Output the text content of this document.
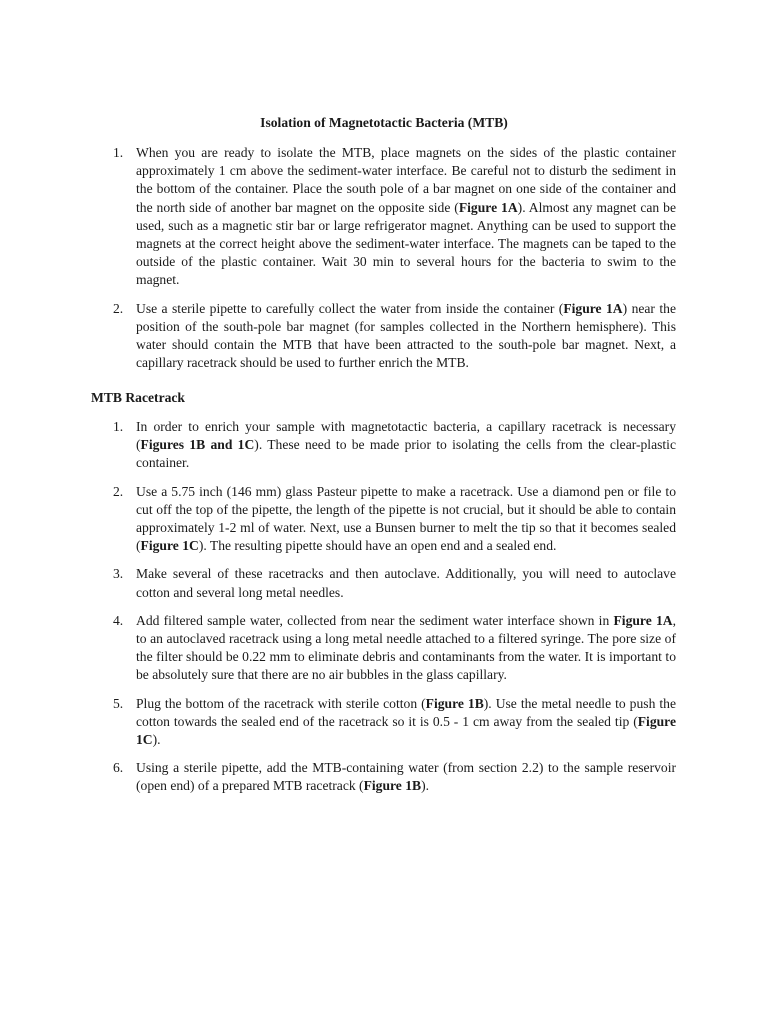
Isolation of Magnetotactic Bacteria (MTB)
1. When you are ready to isolate the MTB, place magnets on the sides of the plastic container approximately 1 cm above the sediment-water interface. Be careful not to disturb the sediment in the bottom of the container. Place the south pole of a bar magnet on one side of the container and the north side of another bar magnet on the opposite side (Figure 1A). Almost any magnet can be used, such as a magnetic stir bar or large refrigerator magnet. Anything can be used to support the magnets at the correct height above the sediment-water interface. The magnets can be taped to the outside of the plastic container. Wait 30 min to several hours for the bacteria to swim to the magnet.
2. Use a sterile pipette to carefully collect the water from inside the container (Figure 1A) near the position of the south-pole bar magnet (for samples collected in the Northern hemisphere). This water should contain the MTB that have been attracted to the south-pole bar magnet. Next, a capillary racetrack should be used to further enrich the MTB.
MTB Racetrack
1. In order to enrich your sample with magnetotactic bacteria, a capillary racetrack is necessary (Figures 1B and 1C). These need to be made prior to isolating the cells from the clear-plastic container.
2. Use a 5.75 inch (146 mm) glass Pasteur pipette to make a racetrack. Use a diamond pen or file to cut off the top of the pipette, the length of the pipette is not crucial, but it should be able to contain approximately 1-2 ml of water. Next, use a Bunsen burner to melt the tip so that it becomes sealed (Figure 1C). The resulting pipette should have an open end and a sealed end.
3. Make several of these racetracks and then autoclave. Additionally, you will need to autoclave cotton and several long metal needles.
4. Add filtered sample water, collected from near the sediment water interface shown in Figure 1A, to an autoclaved racetrack using a long metal needle attached to a filtered syringe. The pore size of the filter should be 0.22 mm to eliminate debris and contaminants from the water. It is important to be absolutely sure that there are no air bubbles in the glass capillary.
5. Plug the bottom of the racetrack with sterile cotton (Figure 1B). Use the metal needle to push the cotton towards the sealed end of the racetrack so it is 0.5 - 1 cm away from the sealed tip (Figure 1C).
6. Using a sterile pipette, add the MTB-containing water (from section 2.2) to the sample reservoir (open end) of a prepared MTB racetrack (Figure 1B).
